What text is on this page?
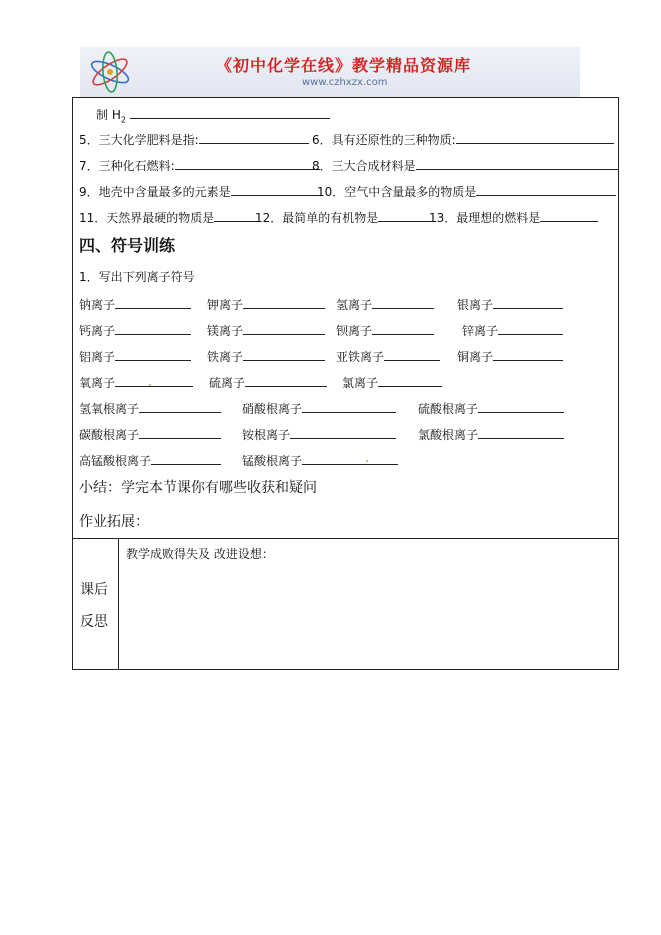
《初中化学在线》教学精品资源库
www.czhxzx.com
制 $H_2$
5．三大化学肥料是指:	6．具有还原性的三种物质:
7．三种化石燃料:	8．三大合成材料是
9．地壳中含量最多的元素是	10．空气中含量最多的物质是
11．天然界最硬的物质是	12．最简单的有机物是	13．最理想的燃料是
四、符号训练
1．写出下列离子符号
钠离子	钾离子	氢离子	银离子
钙离子	镁离子	钡离子	锌离子
铝离子	铁离子	亚铁离子	铜离子
氧离子	硫离子	氯离子
氢氧根离子	硝酸根离子	硫酸根离子
碳酸根离子	铵根离子	氯酸根离子
高锰酸根离子	锰酸根离子
小结：学完本节课你有哪些收获和疑问
作业拓展：
课后
反思
教学成败得失及 改进设想：
